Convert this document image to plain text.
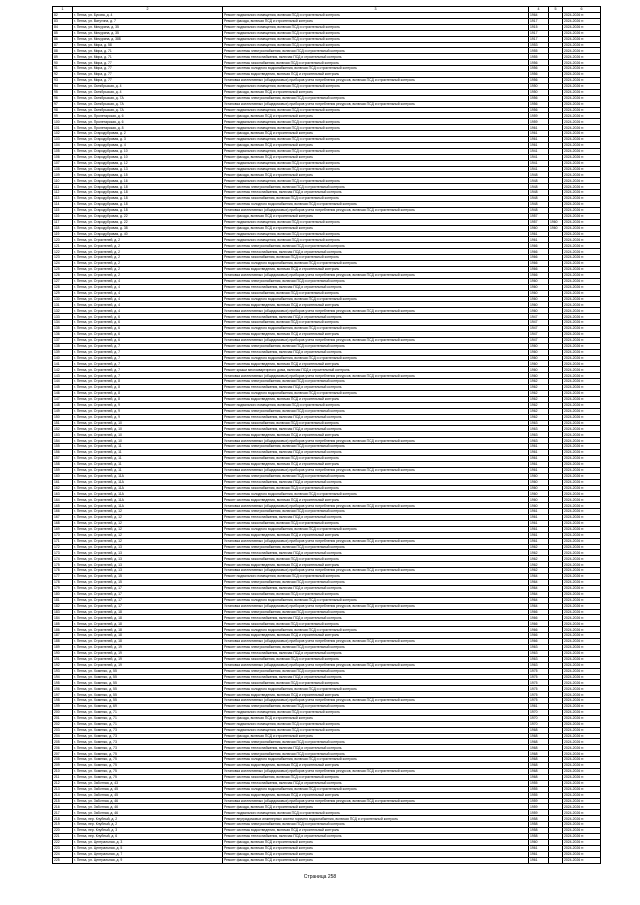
1	2	3	4	5	6
82	г. Пенза, ул. Бусова, д. 4	Ремонт подвального помещения, включая ПСД и строительный контроль	1964		2024-2026 гг.
83	г. Пенза, ул. Ватутина, д. 7	Ремонт фасада, включая ПСД и строительный контроль	1917		2024-2026 гг.
84	г. Пенза, ул. Мичурина, д. 35	Ремонт подвального помещения, включая ПСД и строительный контроль	1915		2024-2026 гг.
85	г. Пенза, ул. Мичурина, д. 35	Ремонт подвального помещения, включая ПСД и строительный контроль	1917		2024-2026 гг.
86	г. Пенза, ул. Мичурина, д. 38Б	Ремонт подвального помещения, включая ПСД и строительный контроль	1917		2024-2026 гг.
87	г. Пенза, ул. Мира, д. 58	Ремонт подвального помещения, включая ПСД и строительный контроль	1953		2024-2026 гг.
88	г. Пенза, ул. Мира, д. 71	Ремонт системы электроснабжения, включая ПСД и строительный контроль	1955		2024-2026 гг.
89	г. Пенза, ул. Мира, д. 71	Ремонт системы теплоснабжения, включая ПСД и строительный контроль	1955		2024-2026 гг.
90	г. Пенза, ул. Мира, д. 77	Ремонт системы газоснабжения, включая ПСД и строительный контроль	1956		2024-2026 гг.
91	г. Пенза, ул. Мира, д. 77	Ремонт системы холодного водоснабжения, включая ПСД и строительный контроль	1956		2024-2026 гг.
92	г. Пенза, ул. Мира, д. 77	Ремонт системы водоотведения, включая ПСД и строительный контроль	1956		2024-2026 гг.
93	г. Пенза, ул. Мира, д. 77	Установка коллективных (общедомовых) приборов учета потребления ресурсов, включая ПСД и строительный контроль	1956		2024-2026 гг.
94	г. Пенза, ул. Октябрьская, д. 4	Ремонт подвального помещения, включая ПСД и строительный контроль	1950		2024-2026 гг.
95	г. Пенза, ул. Октябрьская, д. 4	Ремонт фасада, включая ПСД и строительный контроль	1950		2024-2026 гг.
96	г. Пенза, ул. Октябрьская, д. 7А	Ремонт системы электроснабжения, включая ПСД и строительный контроль	1956		2024-2026 гг.
97	г. Пенза, ул. Октябрьская, д. 7А	Установка коллективных (общедомовых) приборов учета потребления ресурсов, включая ПСД и строительный контроль	1956		2024-2026 гг.
98	г. Пенза, ул. Октябрьская, д. 7А	Ремонт подвального помещения, включая ПСД и строительный контроль	1956		2024-2026 гг.
99	г. Пенза, ул. Пролетарская, д. 6	Ремонт фасада, включая ПСД и строительный контроль	1959		2024-2026 гг.
100	г. Пенза, ул. Пролетарская, д. 6	Ремонт подвального помещения, включая ПСД и строительный контроль	1959		2024-2026 гг.
101	г. Пенза, ул. Пролетарская, д. 8	Ремонт подвального помещения, включая ПСД и строительный контроль	1961		2024-2026 гг.
102	г. Пенза, ул. Стародубровая, д. 2	Ремонт фасада, включая ПСД и строительный контроль	1961		2024-2026 гг.
103	г. Пенза, ул. Стародубровая, д. 3	Ремонт подвального помещения, включая ПСД и строительный контроль	1961		2024-2026 гг.
104	г. Пенза, ул. Стародубровая, д. 4	Ремонт фасада, включая ПСД и строительный контроль	1961		2024-2026 гг.
105	г. Пенза, ул. Стародубровая, д. 10	Ремонт подвального помещения, включая ПСД и строительный контроль	1941		2024-2026 гг.
106	г. Пенза, ул. Стародубровая, д. 10	Ремонт фасада, включая ПСД и строительный контроль	1941		2024-2026 гг.
107	г. Пенза, ул. Стародубровая, д. 12	Ремонт подвального помещения, включая ПСД и строительный контроль	1941		2024-2026 гг.
108	г. Пенза, ул. Стародубровая, д. 13	Ремонт подвального помещения, включая ПСД и строительный контроль	1941		2024-2026 гг.
109	г. Пенза, ул. Стародубровая, д. 15	Ремонт фасада, включая ПСД и строительный контроль	1948		2024-2026 гг.
110	г. Пенза, ул. Стародубровая, д. 16	Ремонт подвального помещения, включая ПСД и строительный контроль	1948		2024-2026 гг.
111	г. Пенза, ул. Стародубровая, д. 18	Ремонт системы электроснабжения, включая ПСД и строительный контроль	1948		2024-2026 гг.
112	г. Пенза, ул. Стародубровая, д. 18	Ремонт системы теплоснабжения, включая ПСД и строительный контроль	1948		2024-2026 гг.
113	г. Пенза, ул. Стародубровая, д. 18	Ремонт системы газоснабжения, включая ПСД и строительный контроль	1948		2024-2026 гг.
114	г. Пенза, ул. Стародубровая, д. 18	Ремонт системы холодного водоснабжения, включая ПСД и строительный контроль	1948		2024-2026 гг.
115	г. Пенза, ул. Стародубровая, д. 18	Установка коллективных (общедомовых) приборов учета потребления ресурсов, включая ПСД и строительный контроль	1948		2024-2026 гг.
116	г. Пенза, ул. Стародубровая, д. 22	Ремонт фасада, включая ПСД и строительный контроль	1957		2024-2026 гг.
117	г. Пенза, ул. Стародубровая, д. 22	Ремонт подвального помещения, включая ПСД и строительный контроль	1957	1960	2024-2026 гг.
118	г. Пенза, ул. Стародубровая, д. 38	Ремонт фасада, включая ПСД и строительный контроль	1960	1960	2024-2026 гг.
119	г. Пенза, ул. Стародубровая, д. 40	Ремонт подвального помещения, включая ПСД и строительный контроль	1961		2024-2026 гг.
120	г. Пенза, ул. Строителей, д. 2	Ремонт подвального помещения, включая ПСД и строительный контроль	1961		2024-2026 гг.
121	г. Пенза, ул. Строителей, д. 2	Ремонт системы электроснабжения, включая ПСД и строительный контроль	1966		2024-2026 гг.
122	г. Пенза, ул. Строителей, д. 2	Ремонт системы теплоснабжения, включая ПСД и строительный контроль	1966		2024-2026 гг.
123	г. Пенза, ул. Строителей, д. 2	Ремонт системы газоснабжения, включая ПСД и строительный контроль	1966		2024-2026 гг.
124	г. Пенза, ул. Строителей, д. 2	Ремонт системы холодного водоснабжения, включая ПСД и строительный контроль	1966		2024-2026 гг.
125	г. Пенза, ул. Строителей, д. 2	Ремонт системы водоотведения, включая ПСД и строительный контроль	1966		2024-2026 гг.
126	г. Пенза, ул. Строителей, д. 2	Установка коллективных (общедомовых) приборов учета потребления ресурсов, включая ПСД и строительный контроль	1966		2024-2026 гг.
127	г. Пенза, ул. Строителей, д. 4	Ремонт системы электроснабжения, включая ПСД и строительный контроль	1960		2024-2026 гг.
128	г. Пенза, ул. Строителей, д. 4	Ремонт системы теплоснабжения, включая ПСД и строительный контроль	1960		2024-2026 гг.
129	г. Пенза, ул. Строителей, д. 4	Ремонт системы газоснабжения, включая ПСД и строительный контроль	1960		2024-2026 гг.
130	г. Пенза, ул. Строителей, д. 4	Ремонт системы холодного водоснабжения, включая ПСД и строительный контроль	1960		2024-2026 гг.
131	г. Пенза, ул. Строителей, д. 4	Ремонт системы водоотведения, включая ПСД и строительный контроль	1960		2024-2026 гг.
132	г. Пенза, ул. Строителей, д. 4	Установка коллективных (общедомовых) приборов учета потребления ресурсов, включая ПСД и строительный контроль	1960		2024-2026 гг.
133	г. Пенза, ул. Строителей, д. 6	Ремонт системы теплоснабжения, включая ПСД и строительный контроль	1947		2024-2026 гг.
134	г. Пенза, ул. Строителей, д. 6	Ремонт системы газоснабжения, включая ПСД и строительный контроль	1947		2024-2026 гг.
135	г. Пенза, ул. Строителей, д. 6	Ремонт системы холодного водоснабжения, включая ПСД и строительный контроль	1947		2024-2026 гг.
136	г. Пенза, ул. Строителей, д. 6	Ремонт системы водоотведения, включая ПСД и строительный контроль	1947		2024-2026 гг.
137	г. Пенза, ул. Строителей, д. 6	Установка коллективных (общедомовых) приборов учета потребления ресурсов, включая ПСД и строительный контроль	1947		2024-2026 гг.
138	г. Пенза, ул. Строителей, д. 7	Ремонт системы электроснабжения, включая ПСД и строительный контроль	1960		2024-2026 гг.
139	г. Пенза, ул. Строителей, д. 7	Ремонт системы теплоснабжения, включая ПСД и строительный контроль	1960		2024-2026 гг.
140	г. Пенза, ул. Строителей, д. 7	Ремонт системы холодного водоснабжения, включая ПСД и строительный контроль	1960		2024-2026 гг.
141	г. Пенза, ул. Строителей, д. 7	Ремонт системы водоотведения, включая ПСД и строительный контроль	1960		2024-2026 гг.
142	г. Пенза, ул. Строителей, д. 7	Ремонт крыши многоквартирного дома, включая ПСД и строительный контроль	1960		2024-2026 гг.
143	г. Пенза, ул. Строителей, д. 7	Установка коллективных (общедомовых) приборов учета потребления ресурсов, включая ПСД и строительный контроль	1960		2024-2026 гг.
144	г. Пенза, ул. Строителей, д. 8	Ремонт системы электроснабжения, включая ПСД и строительный контроль	1962		2024-2026 гг.
145	г. Пенза, ул. Строителей, д. 8	Ремонт системы теплоснабжения, включая ПСД и строительный контроль	1962		2024-2026 гг.
146	г. Пенза, ул. Строителей, д. 8	Ремонт системы холодного водоснабжения, включая ПСД и строительный контроль	1962		2024-2026 гг.
147	г. Пенза, ул. Строителей, д. 8	Ремонт системы водоотведения, включая ПСД и строительный контроль	1962		2024-2026 гг.
148	г. Пенза, ул. Строителей, д. 9	Ремонт подвального помещения, включая ПСД и строительный контроль	1962		2024-2026 гг.
149	г. Пенза, ул. Строителей, д. 9	Ремонт системы электроснабжения, включая ПСД и строительный контроль	1962		2024-2026 гг.
150	г. Пенза, ул. Строителей, д. 9	Ремонт системы теплоснабжения, включая ПСД и строительный контроль	1962		2024-2026 гг.
151	г. Пенза, ул. Строителей, д. 10	Ремонт системы газоснабжения, включая ПСД и строительный контроль	1963		2024-2026 гг.
152	г. Пенза, ул. Строителей, д. 10	Ремонт системы теплоснабжения, включая ПСД и строительный контроль	1963		2024-2026 гг.
153	г. Пенза, ул. Строителей, д. 10	Ремонт системы водоотведения, включая ПСД и строительный контроль	1963		2024-2026 гг.
154	г. Пенза, ул. Строителей, д. 10	Установка коллективных (общедомовых) приборов учета потребления ресурсов, включая ПСД и строительный контроль	1963		2024-2026 гг.
155	г. Пенза, ул. Строителей, д. 11	Ремонт системы электроснабжения, включая ПСД и строительный контроль	1961		2024-2026 гг.
156	г. Пенза, ул. Строителей, д. 11	Ремонт системы теплоснабжения, включая ПСД и строительный контроль	1961		2024-2026 гг.
157	г. Пенза, ул. Строителей, д. 11	Ремонт системы газоснабжения, включая ПСД и строительный контроль	1961		2024-2026 гг.
158	г. Пенза, ул. Строителей, д. 11	Ремонт системы водоотведения, включая ПСД и строительный контроль	1961		2024-2026 гг.
159	г. Пенза, ул. Строителей, д. 11	Установка коллективных (общедомовых) приборов учета потребления ресурсов, включая ПСД и строительный контроль	1961		2024-2026 гг.
160	г. Пенза, ул. Строителей, д. 11А	Ремонт системы электроснабжения, включая ПСД и строительный контроль	1960		2024-2026 гг.
161	г. Пенза, ул. Строителей, д. 11А	Ремонт системы теплоснабжения, включая ПСД и строительный контроль	1960		2024-2026 гг.
162	г. Пенза, ул. Строителей, д. 11А	Ремонт системы газоснабжения, включая ПСД и строительный контроль	1960		2024-2026 гг.
163	г. Пенза, ул. Строителей, д. 11А	Ремонт системы холодного водоснабжения, включая ПСД и строительный контроль	1960		2024-2026 гг.
164	г. Пенза, ул. Строителей, д. 11А	Ремонт системы водоотведения, включая ПСД и строительный контроль	1960		2024-2026 гг.
165	г. Пенза, ул. Строителей, д. 11А	Установка коллективных (общедомовых) приборов учета потребления ресурсов, включая ПСД и строительный контроль	1960		2024-2026 гг.
166	г. Пенза, ул. Строителей, д. 12	Ремонт системы электроснабжения, включая ПСД и строительный контроль	1961		2024-2026 гг.
167	г. Пенза, ул. Строителей, д. 12	Ремонт системы теплоснабжения, включая ПСД и строительный контроль	1961		2024-2026 гг.
168	г. Пенза, ул. Строителей, д. 12	Ремонт системы газоснабжения, включая ПСД и строительный контроль	1961		2024-2026 гг.
169	г. Пенза, ул. Строителей, д. 12	Ремонт системы холодного водоснабжения, включая ПСД и строительный контроль	1961		2024-2026 гг.
170	г. Пенза, ул. Строителей, д. 12	Ремонт системы водоотведения, включая ПСД и строительный контроль	1961		2024-2026 гг.
171	г. Пенза, ул. Строителей, д. 12	Установка коллективных (общедомовых) приборов учета потребления ресурсов, включая ПСД и строительный контроль	1961		2024-2026 гг.
172	г. Пенза, ул. Строителей, д. 13	Ремонт системы электроснабжения, включая ПСД и строительный контроль	1962		2024-2026 гг.
173	г. Пенза, ул. Строителей, д. 13	Ремонт системы теплоснабжения, включая ПСД и строительный контроль	1962		2024-2026 гг.
174	г. Пенза, ул. Строителей, д. 13	Ремонт системы газоснабжения, включая ПСД и строительный контроль	1962		2024-2026 гг.
175	г. Пенза, ул. Строителей, д. 13	Ремонт системы водоотведения, включая ПСД и строительный контроль	1962		2024-2026 гг.
176	г. Пенза, ул. Строителей, д. 13	Установка коллективных (общедомовых) приборов учета потребления ресурсов, включая ПСД и строительный контроль	1962		2024-2026 гг.
177	г. Пенза, ул. Строителей, д. 15	Ремонт подвального помещения, включая ПСД и строительный контроль	1964		2024-2026 гг.
178	г. Пенза, ул. Строителей, д. 15	Ремонт системы электроснабжения, включая ПСД и строительный контроль	1964		2024-2026 гг.
179	г. Пенза, ул. Строителей, д. 17	Ремонт системы теплоснабжения, включая ПСД и строительный контроль	1964		2024-2026 гг.
180	г. Пенза, ул. Строителей, д. 17	Ремонт системы газоснабжения, включая ПСД и строительный контроль	1964		2024-2026 гг.
181	г. Пенза, ул. Строителей, д. 17	Ремонт системы холодного водоснабжения, включая ПСД и строительный контроль	1964		2024-2026 гг.
182	г. Пенза, ул. Строителей, д. 17	Установка коллективных (общедомовых) приборов учета потребления ресурсов, включая ПСД и строительный контроль	1964		2024-2026 гг.
183	г. Пенза, ул. Строителей, д. 18	Ремонт системы электроснабжения, включая ПСД и строительный контроль	1966		2024-2026 гг.
184	г. Пенза, ул. Строителей, д. 18	Ремонт системы теплоснабжения, включая ПСД и строительный контроль	1966		2024-2026 гг.
185	г. Пенза, ул. Строителей, д. 18	Ремонт системы газоснабжения, включая ПСД и строительный контроль	1966		2024-2026 гг.
186	г. Пенза, ул. Строителей, д. 18	Ремонт системы холодного водоснабжения, включая ПСД и строительный контроль	1966		2024-2026 гг.
187	г. Пенза, ул. Строителей, д. 18	Ремонт системы водоотведения, включая ПСД и строительный контроль	1966		2024-2026 гг.
188	г. Пенза, ул. Строителей, д. 18	Установка коллективных (общедомовых) приборов учета потребления ресурсов, включая ПСД и строительный контроль	1966		2024-2026 гг.
189	г. Пенза, ул. Строителей, д. 19	Ремонт системы электроснабжения, включая ПСД и строительный контроль	1963		2024-2026 гг.
190	г. Пенза, ул. Строителей, д. 19	Ремонт системы теплоснабжения, включая ПСД и строительный контроль	1963		2024-2026 гг.
191	г. Пенза, ул. Строителей, д. 19	Ремонт системы газоснабжения, включая ПСД и строительный контроль	1963		2024-2026 гг.
192	г. Пенза, ул. Строителей, д. 19	Установка коллективных (общедомовых) приборов учета потребления ресурсов, включая ПСД и строительный контроль	1963		2024-2026 гг.
193	г. Пенза, ул. Хоменко, д. 55	Ремонт системы электроснабжения, включая ПСД и строительный контроль	1975		2024-2026 гг.
194	г. Пенза, ул. Хоменко, д. 55	Ремонт системы теплоснабжения, включая ПСД и строительный контроль	1975		2024-2026 гг.
195	г. Пенза, ул. Хоменко, д. 55	Ремонт системы газоснабжения, включая ПСД и строительный контроль	1975		2024-2026 гг.
196	г. Пенза, ул. Хоменко, д. 55	Ремонт системы холодного водоснабжения, включая ПСД и строительный контроль	1975		2024-2026 гг.
197	г. Пенза, ул. Хоменко, д. 55	Ремонт системы водоотведения, включая ПСД и строительный контроль	1975		2024-2026 гг.
198	г. Пенза, ул. Хоменко, д. 55	Установка коллективных (общедомовых) приборов учета потребления ресурсов, включая ПСД и строительный контроль	1975		2024-2026 гг.
199	г. Пенза, ул. Хоменко, д. 69	Ремонт системы электроснабжения, включая ПСД и строительный контроль	1961		2024-2026 гг.
200	г. Пенза, ул. Хоменко, д. 71	Ремонт подвального помещения, включая ПСД и строительный контроль	1970		2024-2026 гг.
201	г. Пенза, ул. Хоменко, д. 71	Ремонт фасада, включая ПСД и строительный контроль	1970		2024-2026 гг.
202	г. Пенза, ул. Хоменко, д. 71	Ремонт подвального помещения, включая ПСД и строительный контроль	1970		2024-2026 гг.
203	г. Пенза, ул. Хоменко, д. 73	Ремонт подвального помещения, включая ПСД и строительный контроль	1968		2024-2026 гг.
204	г. Пенза, ул. Хоменко, д. 73	Ремонт фасада, включая ПСД и строительный контроль	1968		2024-2026 гг.
205	г. Пенза, ул. Хоменко, д. 73	Ремонт системы электроснабжения, включая ПСД и строительный контроль	1968		2024-2026 гг.
206	г. Пенза, ул. Хоменко, д. 73	Ремонт системы теплоснабжения, включая ПСД и строительный контроль	1968		2024-2026 гг.
207	г. Пенза, ул. Хоменко, д. 75	Ремонт системы электроснабжения, включая ПСД и строительный контроль	1968		2024-2026 гг.
208	г. Пенза, ул. Хоменко, д. 75	Ремонт системы холодного водоснабжения, включая ПСД и строительный контроль	1968		2024-2026 гг.
209	г. Пенза, ул. Хоменко, д. 75	Ремонт системы водоотведения, включая ПСД и строительный контроль	1968		2024-2026 гг.
210	г. Пенза, ул. Хоменко, д. 75	Установка коллективных (общедомовых) приборов учета потребления ресурсов, включая ПСД и строительный контроль	1968		2024-2026 гг.
211	г. Пенза, ул. Хоменко, д. 75	Ремонт системы газоснабжения, включая ПСД и строительный контроль	1968		2024-2026 гг.
212	г. Пенза, ул. Заботная, д. 43	Ремонт системы теплоснабжения, включая ПСД и строительный контроль	1955		2024-2026 гг.
213	г. Пенза, ул. Заботная, д. 45	Ремонт системы холодного водоснабжения, включая ПСД и строительный контроль	1955		2024-2026 гг.
214	г. Пенза, ул. Заботная, д. 45	Ремонт системы водоотведения, включая ПСД и строительный контроль	1955		2024-2026 гг.
215	г. Пенза, ул. Заботная, д. 46	Установка коллективных (общедомовых) приборов учета потребления ресурсов, включая ПСД и строительный контроль	1959		2024-2026 гг.
216	г. Пенза, ул. Заботная, д. 46	Ремонт фасада, включая ПСД и строительный контроль	1959		2024-2026 гг.
217	г. Пенза, ул. Заботная, д. 46	Ремонт подвального помещения, включая ПСД и строительный контроль	1959		2024-2026 гг.
218	г. Пенза, пер. Клубный, д. 2	Ремонт внутридомовых инженерных систем горячего водоснабжения, включая ПСД и строительный контроль	1958		2024-2026 гг.
219	г. Пенза, пер. Клубный, д. 2	Ремонт системы электроснабжения, включая ПСД и строительный контроль	1958		2024-2026 гг.
220	г. Пенза, пер. Клубный, д. 3	Ремонт системы водоотведения, включая ПСД и строительный контроль	1958		2024-2026 гг.
221	г. Пенза, пер. Клубный, д. 6	Ремонт системы теплоснабжения, включая ПСД и строительный контроль	1958		2024-2026 гг.
222	г. Пенза, ул. Центральная, д. 3	Ремонт фасада, включая ПСД и строительный контроль	1960		2024-2026 гг.
223	г. Пенза, ул. Центральная, д. 5	Ремонт фасада, включая ПСД и строительный контроль	1961		2024-2026 гг.
224	г. Пенза, ул. Центральная, д. 7	Ремонт фасада, включая ПСД и строительный контроль	1961		2024-2026 гг.
225	г. Пенза, ул. Центральная, д. 9	Ремонт фасада, включая ПСД и строительный контроль	1961		2024-2026 гг.
Страница 258
